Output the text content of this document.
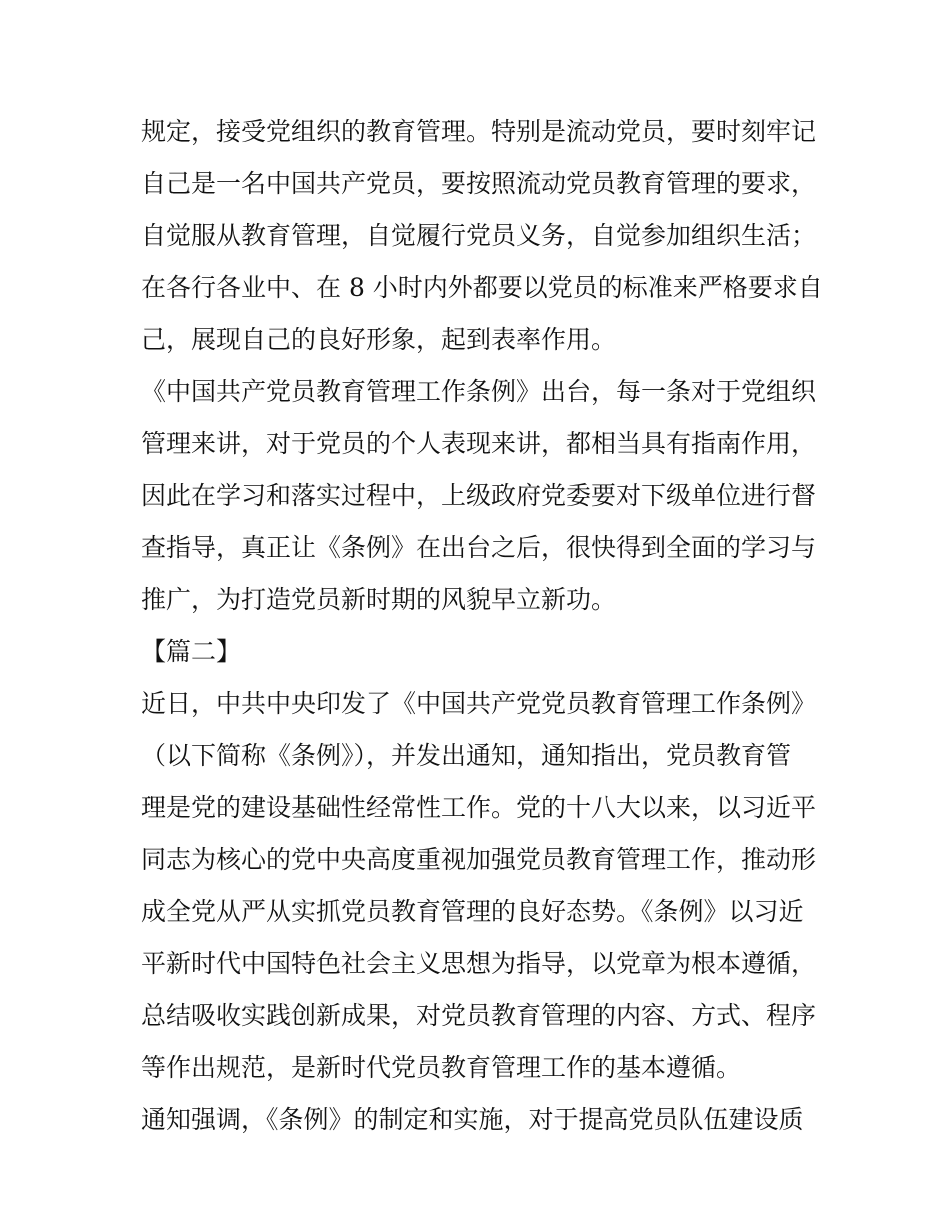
规定，接受党组织的教育管理。特别是流动党员，要时刻牢记
自己是一名中国共产党员，要按照流动党员教育管理的要求，
自觉服从教育管理，自觉履行党员义务，自觉参加组织生活；
在各行各业中、在 8 小时内外都要以党员的标准来严格要求自
己，展现自己的良好形象，起到表率作用。
《中国共产党员教育管理工作条例》出台，每一条对于党组织
管理来讲，对于党员的个人表现来讲，都相当具有指南作用，
因此在学习和落实过程中，上级政府党委要对下级单位进行督
查指导，真正让《条例》在出台之后，很快得到全面的学习与
推广，为打造党员新时期的风貌早立新功。
【篇二】
近日，中共中央印发了《中国共产党党员教育管理工作条例》
（以下简称《条例》），并发出通知，通知指出，党员教育管
理是党的建设基础性经常性工作。党的十八大以来，以习近平
同志为核心的党中央高度重视加强党员教育管理工作，推动形
成全党从严从实抓党员教育管理的良好态势。《条例》以习近
平新时代中国特色社会主义思想为指导，以党章为根本遵循，
总结吸收实践创新成果，对党员教育管理的内容、方式、程序
等作出规范，是新时代党员教育管理工作的基本遵循。
通知强调，《条例》的制定和实施，对于提高党员队伍建设质
